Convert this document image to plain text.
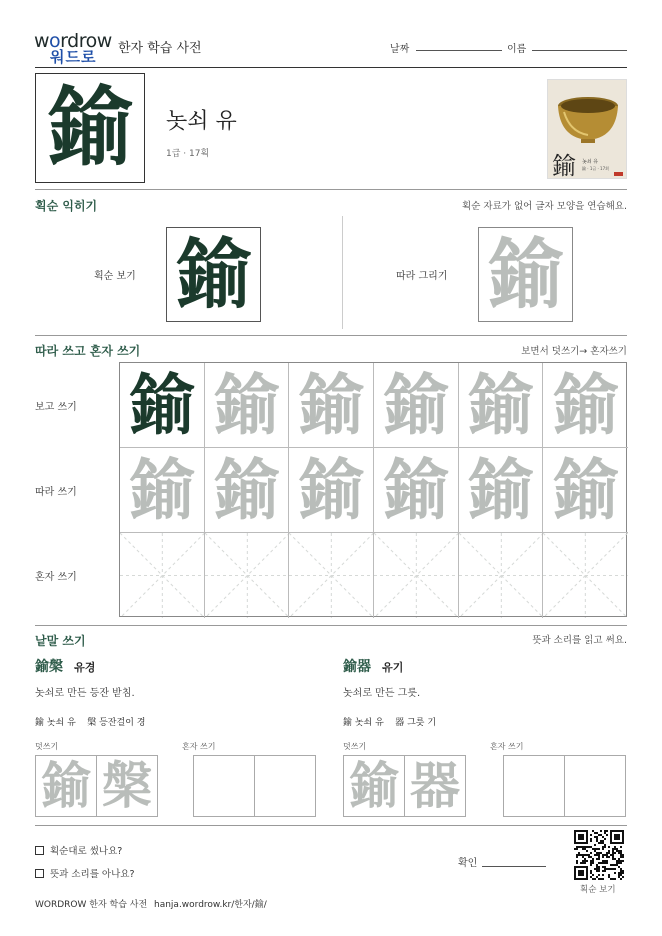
wordrow
워드로 한자 학습 사전	날짜	이름
鍮 놋쇠 유
1급 · 17획	鍮 놋쇠 유
鍮 · 1급 · 17획
획순 익히기	획순 자료가 없어 글자 모양을 연습해요.
획순 보기 鍮	따라 그리기 鍮
따라 쓰고 혼자 쓰기	보면서 덧쓰기→ 혼자쓰기
보고 쓰기
따라 쓰기
혼자 쓰기
鍮 鍮 鍮 鍮 鍮 鍮
鍮 鍮 鍮 鍮 鍮 鍮
낱말 쓰기	뜻과 소리를 읽고 써요.
鍮槃 유경
놋쇠로 만든 등잔 받침.
鍮 놋쇠 유    槃 등잔걸이 경
덧쓰기	혼자 쓰기
鍮 槃
鍮器 유기
놋쇠로 만든 그릇.
鍮 놋쇠 유    器 그릇 기
덧쓰기	혼자 쓰기
鍮 器
획순대로 썼나요?
뜻과 소리를 아나요?
확인
획순 보기
WORDROW 한자 학습 사전 hanja.wordrow.kr/한자/鍮/
